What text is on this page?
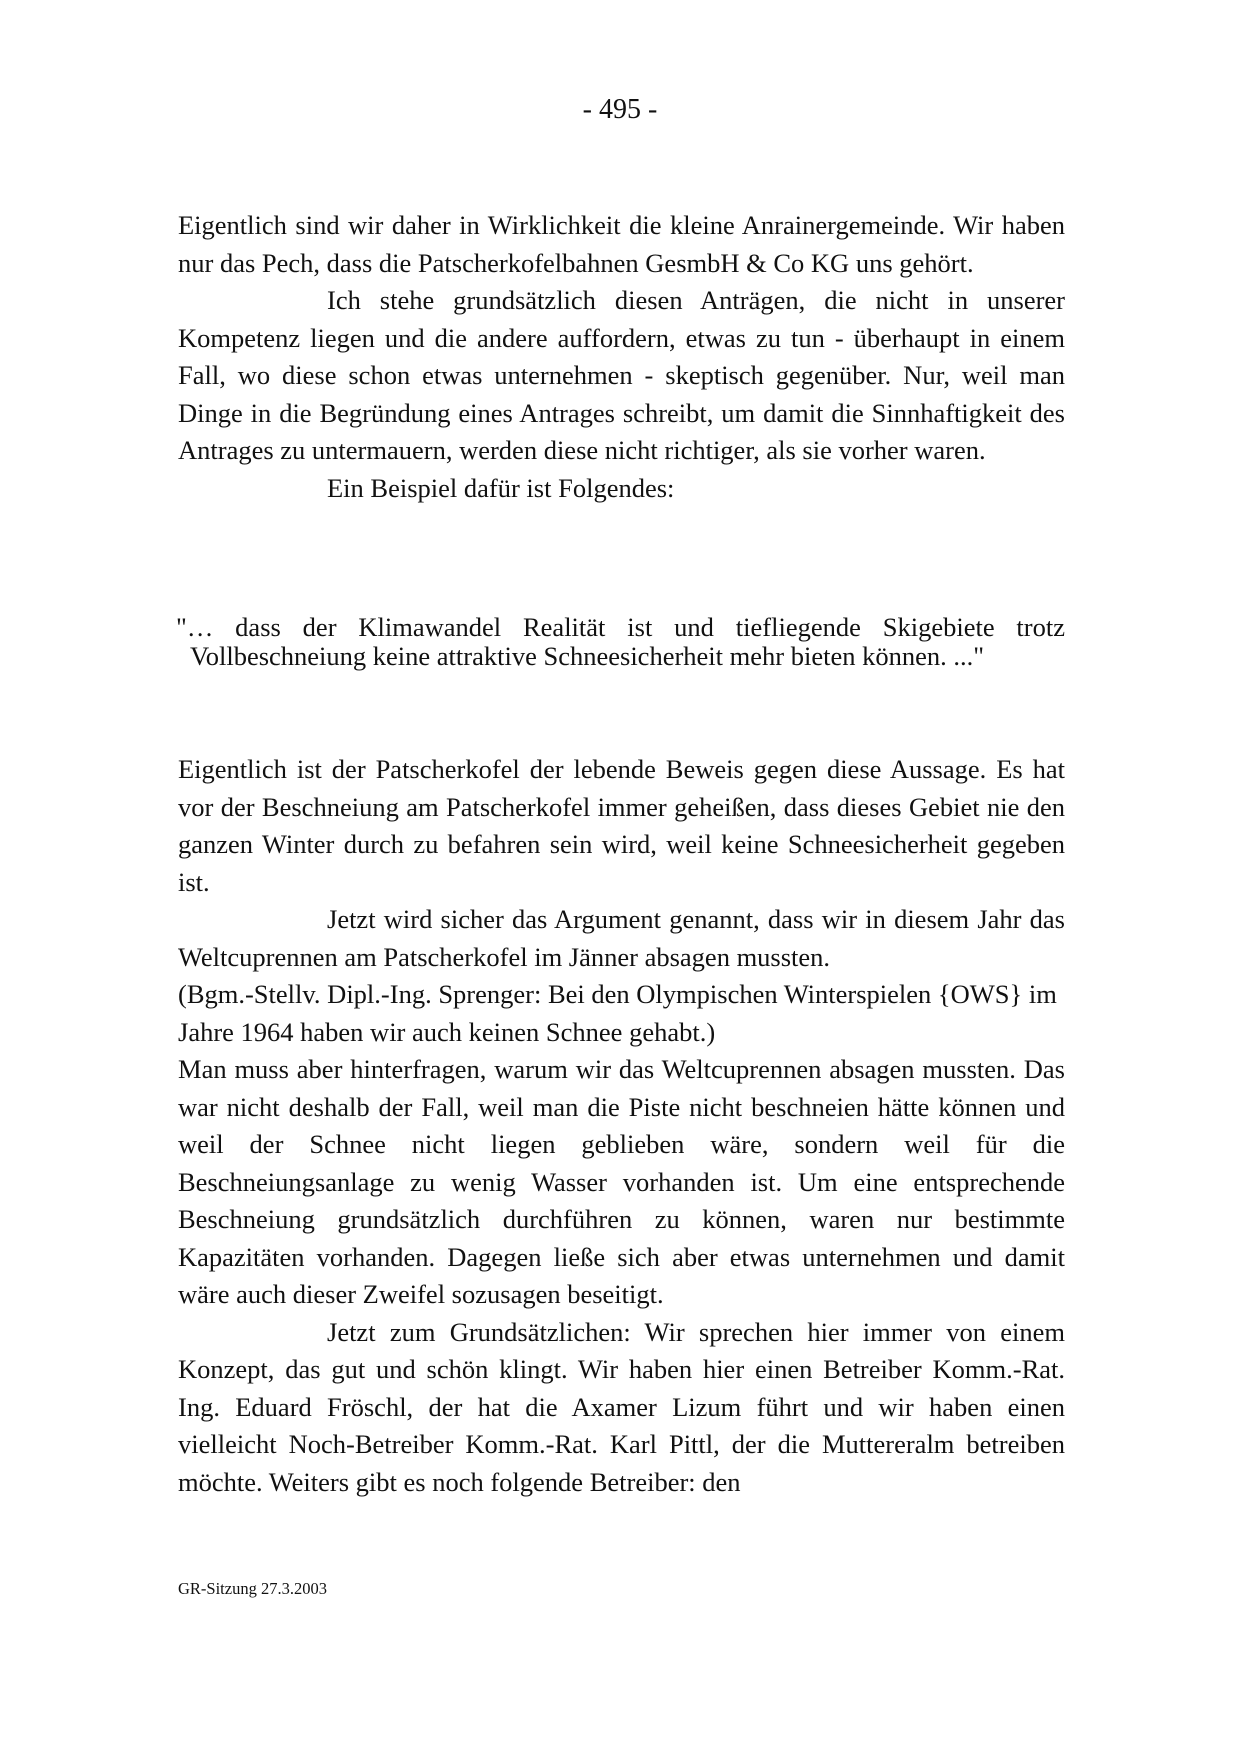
- 495 -

Eigentlich sind wir daher in Wirklichkeit die kleine Anrainergemeinde. Wir haben nur das Pech, dass die Patscherkofelbahnen GesmbH & Co KG uns gehört.

Ich stehe grundsätzlich diesen Anträgen, die nicht in unserer Kompetenz liegen und die andere auffordern, etwas zu tun - überhaupt in einem Fall, wo diese schon etwas unternehmen - skeptisch gegenüber. Nur, weil man Dinge in die Begründung eines Antrages schreibt, um damit die Sinnhaftigkeit des Antrages zu untermauern, werden diese nicht richtiger, als sie vorher waren.

Ein Beispiel dafür ist Folgendes:

"… dass der Klimawandel Realität ist und tiefliegende Skigebiete trotz Vollbeschneiung keine attraktive Schneesicherheit mehr bieten können. ..."

Eigentlich ist der Patscherkofel der lebende Beweis gegen diese Aussage. Es hat vor der Beschneiung am Patscherkofel immer geheißen, dass dieses Gebiet nie den ganzen Winter durch zu befahren sein wird, weil keine Schneesicherheit gegeben ist.

Jetzt wird sicher das Argument genannt, dass wir in diesem Jahr das Weltcuprennen am Patscherkofel im Jänner absagen mussten.

(Bgm.-Stellv. Dipl.-Ing. Sprenger: Bei den Olympischen Winterspielen {OWS} im Jahre 1964 haben wir auch keinen Schnee gehabt.)

Man muss aber hinterfragen, warum wir das Weltcuprennen absagen mussten. Das war nicht deshalb der Fall, weil man die Piste nicht beschneien hätte können und weil der Schnee nicht liegen geblieben wäre, sondern weil für die Beschneiungsanlage zu wenig Wasser vorhanden ist. Um eine entsprechende Beschneiung grundsätzlich durchführen zu können, waren nur bestimmte Kapazitäten vorhanden. Dagegen ließe sich aber etwas unternehmen und damit wäre auch dieser Zweifel sozusagen beseitigt.

Jetzt zum Grundsätzlichen: Wir sprechen hier immer von einem Konzept, das gut und schön klingt. Wir haben hier einen Betreiber Komm.-Rat. Ing. Eduard Fröschl, der hat die Axamer Lizum führt und wir haben einen vielleicht Noch-Betreiber Komm.-Rat. Karl Pittl, der die Muttereralm betreiben möchte. Weiters gibt es noch folgende Betreiber: den

GR-Sitzung 27.3.2003
